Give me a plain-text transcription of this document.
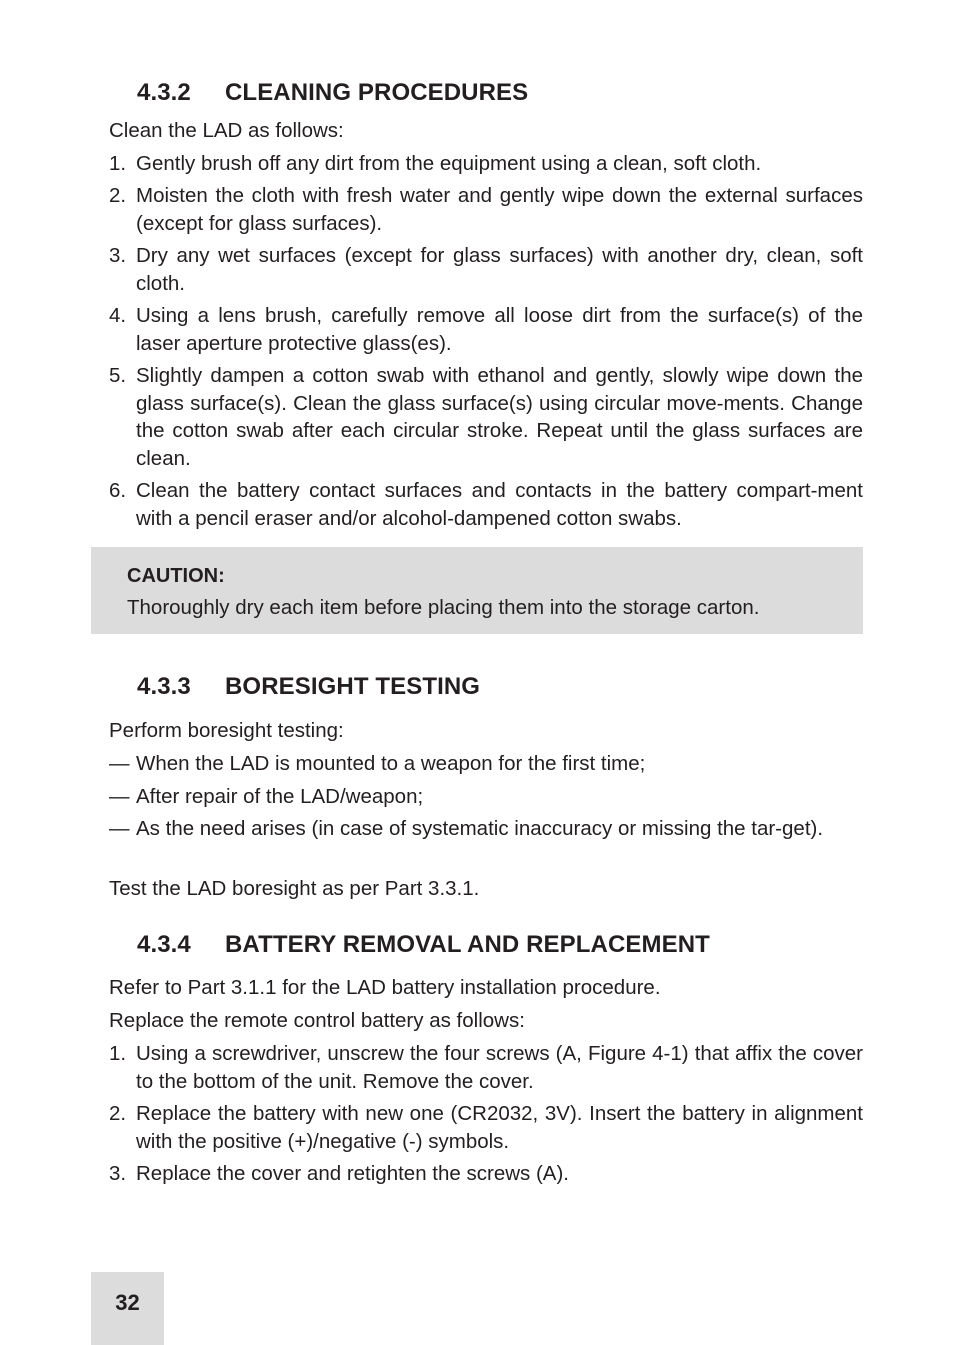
4.3.2 CLEANING PROCEDURES

Clean the LAD as follows:

1. Gently brush off any dirt from the equipment using a clean, soft cloth.
2. Moisten the cloth with fresh water and gently wipe down the external surfaces (except for glass surfaces).
3. Dry any wet surfaces (except for glass surfaces) with another dry, clean, soft cloth.
4. Using a lens brush, carefully remove all loose dirt from the surface(s) of the laser aperture protective glass(es).
5. Slightly dampen a cotton swab with ethanol and gently, slowly wipe down the glass surface(s). Clean the glass surface(s) using circular move-ments. Change the cotton swab after each circular stroke. Repeat until the glass surfaces are clean.
6. Clean the battery contact surfaces and contacts in the battery compart-ment with a pencil eraser and/or alcohol-dampened cotton swabs.
CAUTION:
Thoroughly dry each item before placing them into the storage carton.
4.3.3 BORESIGHT TESTING

Perform boresight testing:

— When the LAD is mounted to a weapon for the first time;
— After repair of the LAD/weapon;
— As the need arises (in case of systematic inaccuracy or missing the tar-get).

Test the LAD boresight as per Part 3.3.1.

4.3.4 BATTERY REMOVAL AND REPLACEMENT

Refer to Part 3.1.1 for the LAD battery installation procedure.

Replace the remote control battery as follows:

1. Using a screwdriver, unscrew the four screws (A, Figure 4-1) that affix the cover to the bottom of the unit. Remove the cover.
2. Replace the battery with new one (CR2032, 3V). Insert the battery in alignment with the positive (+)/negative (-) symbols.
3. Replace the cover and retighten the screws (A).
32
